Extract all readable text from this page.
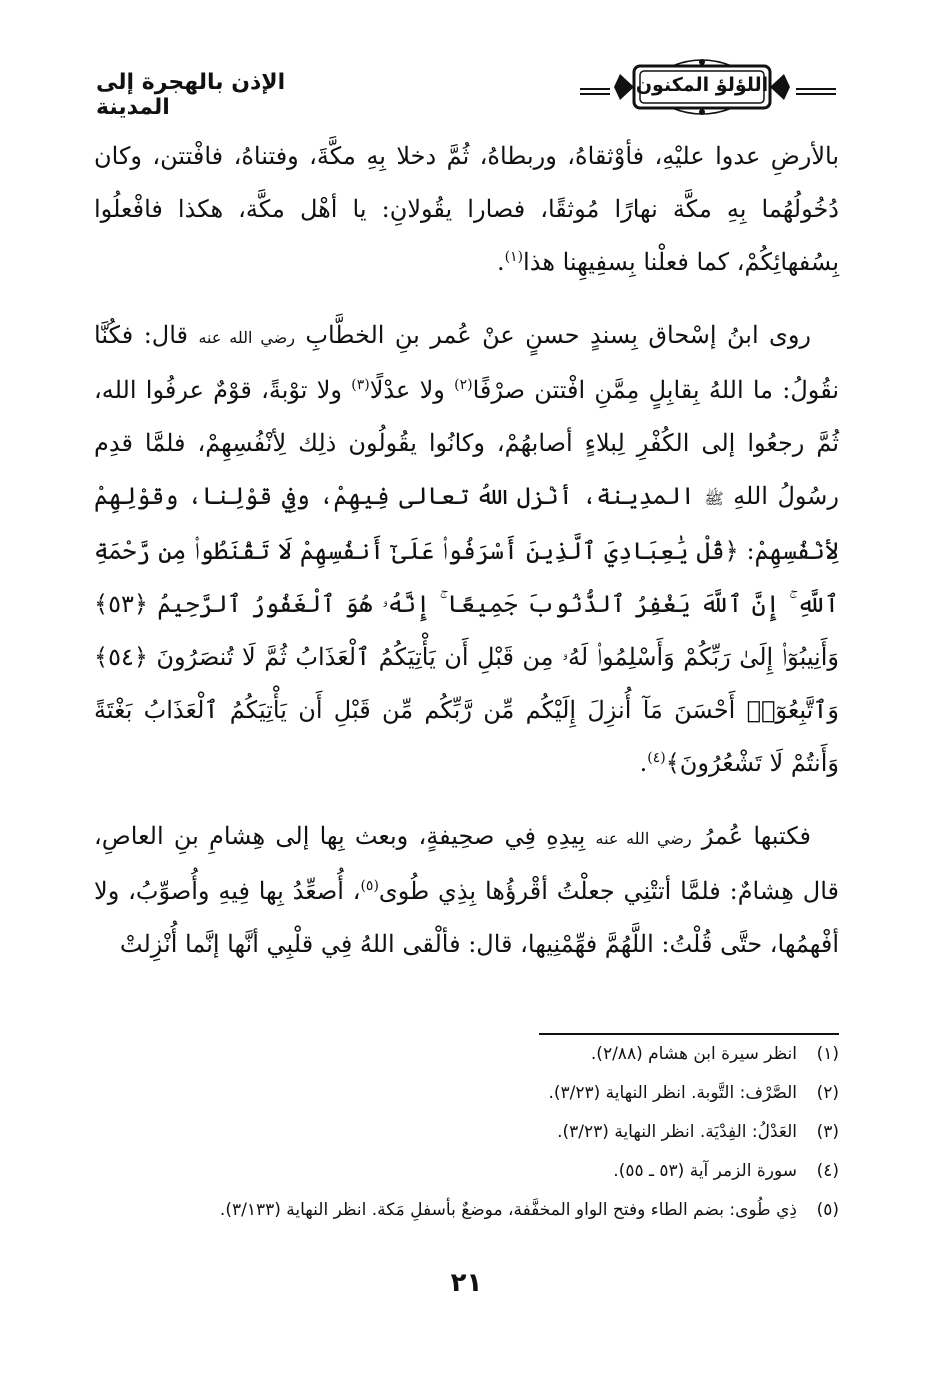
اللؤلؤ المكنون
الإذن بالهجرة إلى المدينة

بالأرضِ عدوا عليْهِ، فأوْثقاهُ، وربطاهُ، ثُمَّ دخلا بِهِ مكَّةَ، وفتناهُ، فافْتتن، وكان دُخُولُهُما بِهِ مكَّة نهارًا مُوثقًا، فصارا يقُولانِ: يا أهْل مكَّة، هكذا فافْعلُوا بِسُفهائِكُمْ، كما فعلْنا بِسفِيهِنا هذا$^{(١)}$.

روى ابنُ إسْحاق بِسندٍ حسنٍ عنْ عُمر بنِ الخطَّابِ رضي الله عنه قال: فكُنَّا نقُولُ: ما اللهُ بِقابِلٍ مِمَّنِ افْتتن صرْفًا$^{(٢)}$ ولا عدْلًا$^{(٣)}$ ولا توْبةً، قوْمٌ عرفُوا الله، ثُمَّ رجعُوا إلى الكُفْرِ لِبلاءٍ أصابهُمْ، وكانُوا يقُولُون ذلِك لِأنْفُسِهِمْ، فلمَّا قدِم رسُولُ اللهِ ﷺ المدِينة، أنْزل اللهُ تعالى فِيهِمْ، وفِي قوْلِنا، وقوْلِهِمْ لِأنْفُسِهِمْ: ﴿قُلْ يَٰعِبَادِيَ ٱلَّذِينَ أَسْرَفُوا۟ عَلَىٰٓ أَنفُسِهِمْ لَا تَقْنَطُوا۟ مِن رَّحْمَةِ ٱللَّهِ ۚ إِنَّ ٱللَّهَ يَغْفِرُ ٱلذُّنُوبَ جَمِيعًا ۚ إِنَّهُۥ هُوَ ٱلْغَفُورُ ٱلرَّحِيمُ ﴿٥٣﴾ وَأَنِيبُوٓا۟ إِلَىٰ رَبِّكُمْ وَأَسْلِمُوا۟ لَهُۥ مِن قَبْلِ أَن يَأْتِيَكُمُ ٱلْعَذَابُ ثُمَّ لَا تُنصَرُونَ ﴿٥٤﴾ وَٱتَّبِعُوٓا۟ أَحْسَنَ مَآ أُنزِلَ إِلَيْكُم مِّن رَّبِّكُم مِّن قَبْلِ أَن يَأْتِيَكُمُ ٱلْعَذَابُ بَغْتَةً وَأَنتُمْ لَا تَشْعُرُونَ﴾$^{(٤)}$.

فكتبها عُمرُ رضي الله عنه بِيدِهِ فِي صحِيفةٍ، وبعث بِها إلى هِشامِ بنِ العاصِ، قال هِشامٌ: فلمَّا أتتْنِي جعلْتُ أقْرؤُها بِذِي طُوى$^{(٥)}$، أُصعِّدُ بِها فِيهِ وأُصوِّبُ، ولا أفْهمُها، حتَّى قُلْتُ: اللَّهُمَّ فهِّمْنِيها، قال: فألْقى اللهُ فِي قلْبِي أنَّها إنَّما أُنْزِلتْ

(١)
انظر سيرة ابن هشام (٢/٨٨).
(٢)
الصَّرْف: التَّوبة. انظر النهاية (٣/٢٣).
(٣)
العَدْلُ: الفِدْيَة. انظر النهاية (٣/٢٣).
(٤)
سورة الزمر آية (٥٣ ـ ٥٥).
(٥)
ذِي طُوى: بضم الطاء وفتح الواو المخفَّفة، موضعٌ بأسفلِ مَكة. انظر النهاية (٣/١٣٣).
٢١
